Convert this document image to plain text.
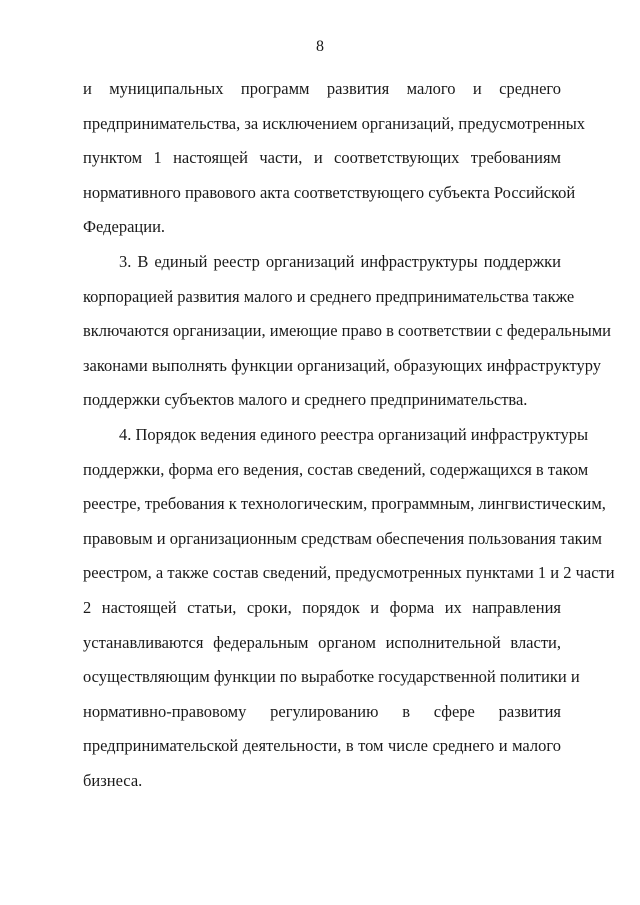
8

и муниципальных программ развития малого и среднего
предпринимательства, за исключением организаций, предусмотренных
пунктом 1 настоящей части, и соответствующих требованиям
нормативного правового акта соответствующего субъекта Российской
Федерации.

3. В единый реестр организаций инфраструктуры поддержки
корпорацией развития малого и среднего предпринимательства также
включаются организации, имеющие право в соответствии с федеральными
законами выполнять функции организаций, образующих инфраструктуру
поддержки субъектов малого и среднего предпринимательства.

4. Порядок ведения единого реестра организаций инфраструктуры
поддержки, форма его ведения, состав сведений, содержащихся в таком
реестре, требования к технологическим, программным, лингвистическим,
правовым и организационным средствам обеспечения пользования таким
реестром, а также состав сведений, предусмотренных пунктами 1 и 2 части
2 настоящей статьи, сроки, порядок и форма их направления
устанавливаются федеральным органом исполнительной власти,
осуществляющим функции по выработке государственной политики и
нормативно-правовому регулированию в сфере развития
предпринимательской деятельности, в том числе среднего и малого
бизнеса.
